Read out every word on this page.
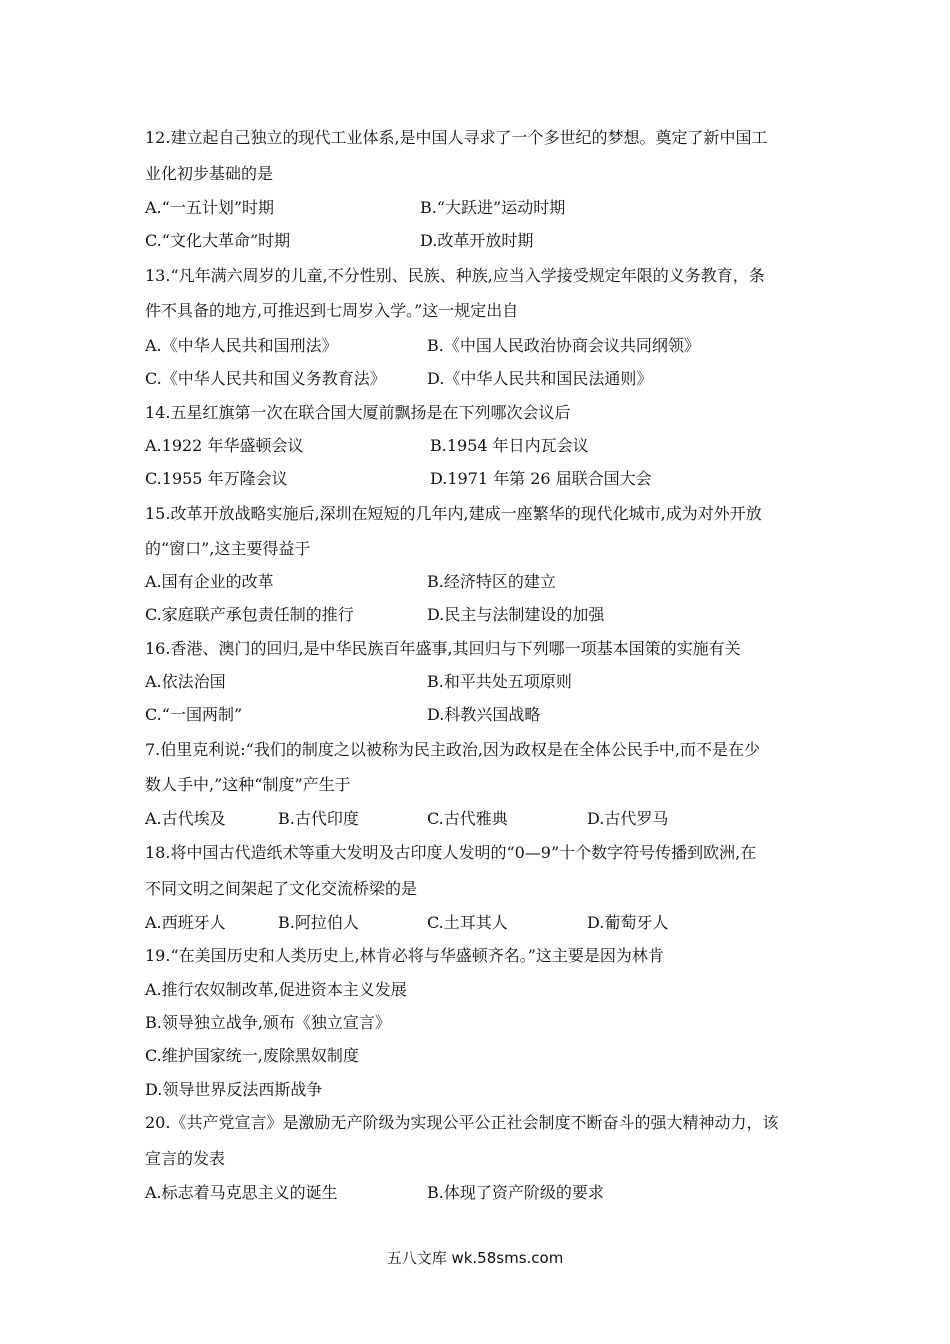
12.建立起自己独立的现代工业体系,是中国人寻求了一个多世纪的梦想。奠定了新中国工
业化初步基础的是
A.“一五计划”时期	B.“大跃进”运动时期
C.“文化大革命”时期	D.改革开放时期
13.“凡年满六周岁的儿童,不分性别、民族、种族,应当入学接受规定年限的义务教育，条
件不具备的地方,可推迟到七周岁入学。”这一规定出自
A.《中华人民共和国刑法》	B.《中国人民政治协商会议共同纲领》
C.《中华人民共和国义务教育法》	D.《中华人民共和国民法通则》
14.五星红旗第一次在联合国大厦前飘扬是在下列哪次会议后
A.1922 年华盛顿会议	B.1954 年日内瓦会议
C.1955 年万隆会议	D.1971 年第 26 届联合国大会
15.改革开放战略实施后,深圳在短短的几年内,建成一座繁华的现代化城市,成为对外开放
的“窗口”,这主要得益于
A.国有企业的改革	B.经济特区的建立
C.家庭联产承包责任制的推行	D.民主与法制建设的加强
16.香港、澳门的回归,是中华民族百年盛事,其回归与下列哪一项基本国策的实施有关
A.依法治国	B.和平共处五项原则
C.“一国两制”	D.科教兴国战略
7.伯里克利说:“我们的制度之以被称为民主政治,因为政权是在全体公民手中,而不是在少
数人手中,”这种“制度”产生于
A.古代埃及	B.古代印度	C.古代雅典	D.古代罗马
18.将中国古代造纸术等重大发明及古印度人发明的“0—9”十个数字符号传播到欧洲,在
不同文明之间架起了文化交流桥梁的是
A.西班牙人	B.阿拉伯人	C.土耳其人	D.葡萄牙人
19.“在美国历史和人类历史上,林肯必将与华盛顿齐名。”这主要是因为林肯
A.推行农奴制改革,促进资本主义发展
B.领导独立战争,颁布《独立宣言》
C.维护国家统一,废除黑奴制度
D.领导世界反法西斯战争
20.《共产党宣言》是激励无产阶级为实现公平公正社会制度不断奋斗的强大精神动力，该
宣言的发表
A.标志着马克思主义的诞生	B.体现了资产阶级的要求
五八文库 wk.58sms.com
